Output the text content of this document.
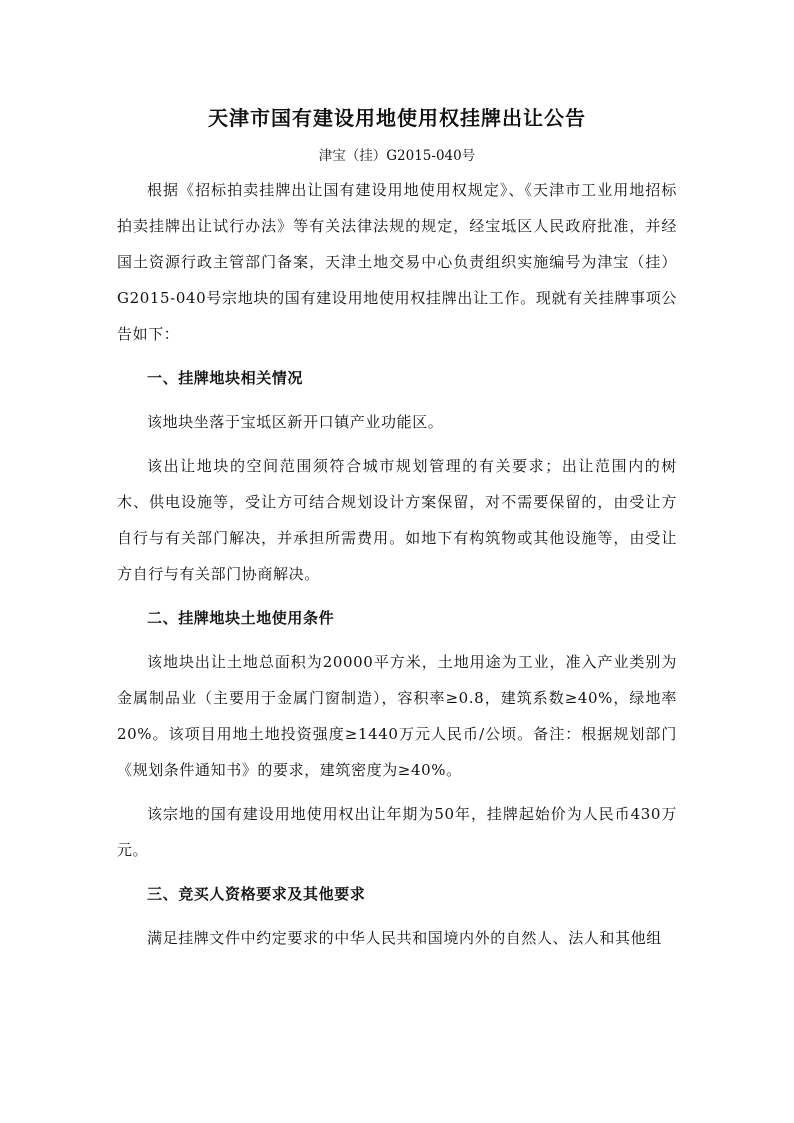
天津市国有建设用地使用权挂牌出让公告
津宝（挂）G2015-040号

根据《招标拍卖挂牌出让国有建设用地使用权规定》、《天津市工业用地招标拍卖挂牌出让试行办法》等有关法律法规的规定，经宝坻区人民政府批准，并经国土资源行政主管部门备案，天津土地交易中心负责组织实施编号为津宝（挂）G2015-040号宗地块的国有建设用地使用权挂牌出让工作。现就有关挂牌事项公告如下：

一、挂牌地块相关情况

该地块坐落于宝坻区新开口镇产业功能区。

该出让地块的空间范围须符合城市规划管理的有关要求；出让范围内的树木、供电设施等，受让方可结合规划设计方案保留，对不需要保留的，由受让方自行与有关部门解决，并承担所需费用。如地下有构筑物或其他设施等，由受让方自行与有关部门协商解决。

二、挂牌地块土地使用条件

该地块出让土地总面积为20000平方米，土地用途为工业，准入产业类别为金属制品业（主要用于金属门窗制造），容积率≥0.8，建筑系数≥40%，绿地率20%。该项目用地土地投资强度≥1440万元人民币/公顷。备注：根据规划部门《规划条件通知书》的要求，建筑密度为≥40%。

该宗地的国有建设用地使用权出让年期为50年，挂牌起始价为人民币430万元。

三、竞买人资格要求及其他要求

满足挂牌文件中约定要求的中华人民共和国境内外的自然人、法人和其他组
